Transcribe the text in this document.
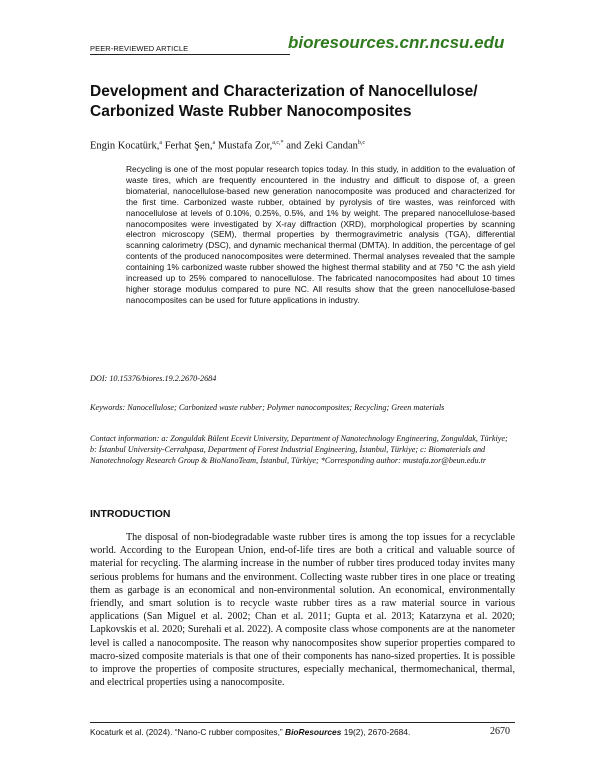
PEER-REVIEWED ARTICLE	bioresources.cnr.ncsu.edu
Development and Characterization of Nanocellulose/ Carbonized Waste Rubber Nanocomposites
Engin Kocatürk,$^a$ Ferhat Şen,$^a$ Mustafa Zor,$^{a,c,*}$ and Zeki Candan$^{b,c}$

Recycling is one of the most popular research topics today. In this study, in addition to the evaluation of waste tires, which are frequently encountered in the industry and difficult to dispose of, a green biomaterial, nanocellulose-based new generation nanocomposite was produced and characterized for the first time. Carbonized waste rubber, obtained by pyrolysis of tire wastes, was reinforced with nanocellulose at levels of 0.10%, 0.25%, 0.5%, and 1% by weight. The prepared nanocellulose-based nanocomposites were investigated by X-ray diffraction (XRD), morphological properties by scanning electron microscopy (SEM), thermal properties by thermogravimetric analysis (TGA), differential scanning calorimetry (DSC), and dynamic mechanical thermal (DMTA). In addition, the percentage of gel contents of the produced nanocomposites were determined. Thermal analyses revealed that the sample containing 1% carbonized waste rubber showed the highest thermal stability and at 750 °C the ash yield increased up to 25% compared to nanocellulose. The fabricated nanocomposites had about 10 times higher storage modulus compared to pure NC. All results show that the green nanocellulose-based nanocomposites can be used for future applications in industry.

DOI: 10.15376/biores.19.2.2670-2684

Keywords: Nanocellulose; Carbonized waste rubber; Polymer nanocomposites; Recycling; Green materials

Contact information: a: Zonguldak Bülent Ecevit University, Department of Nanotechnology Engineering, Zonguldak, Türkiye; b: İstanbul University-Cerrahpasa, Department of Forest Industrial Engineering, İstanbul, Türkiye; c: Biomaterials and Nanotechnology Research Group & BioNanoTeam, İstanbul, Türkiye; *Corresponding author: mustafa.zor@beun.edu.tr

INTRODUCTION

The disposal of non-biodegradable waste rubber tires is among the top issues for a recyclable world. According to the European Union, end-of-life tires are both a critical and valuable source of material for recycling. The alarming increase in the number of rubber tires produced today invites many serious problems for humans and the environment. Collecting waste rubber tires in one place or treating them as garbage is an economical and non-environmental solution. An economical, environmentally friendly, and smart solution is to recycle waste rubber tires as a raw material source in various applications (San Miguel et al. 2002; Chan et al. 2011; Gupta et al. 2013; Katarzyna et al. 2020; Lapkovskis et al. 2020; Surehali et al. 2022). A composite class whose components are at the nanometer level is called a nanocomposite. The reason why nanocomposites show superior properties compared to macro-sized composite materials is that one of their components has nano-sized properties. It is possible to improve the properties of composite structures, especially mechanical, thermomechanical, thermal, and electrical properties using a nanocomposite.

Kocaturk et al. (2024). “Nano-C rubber composites,” BioResources 19(2), 2670-2684.	2670
